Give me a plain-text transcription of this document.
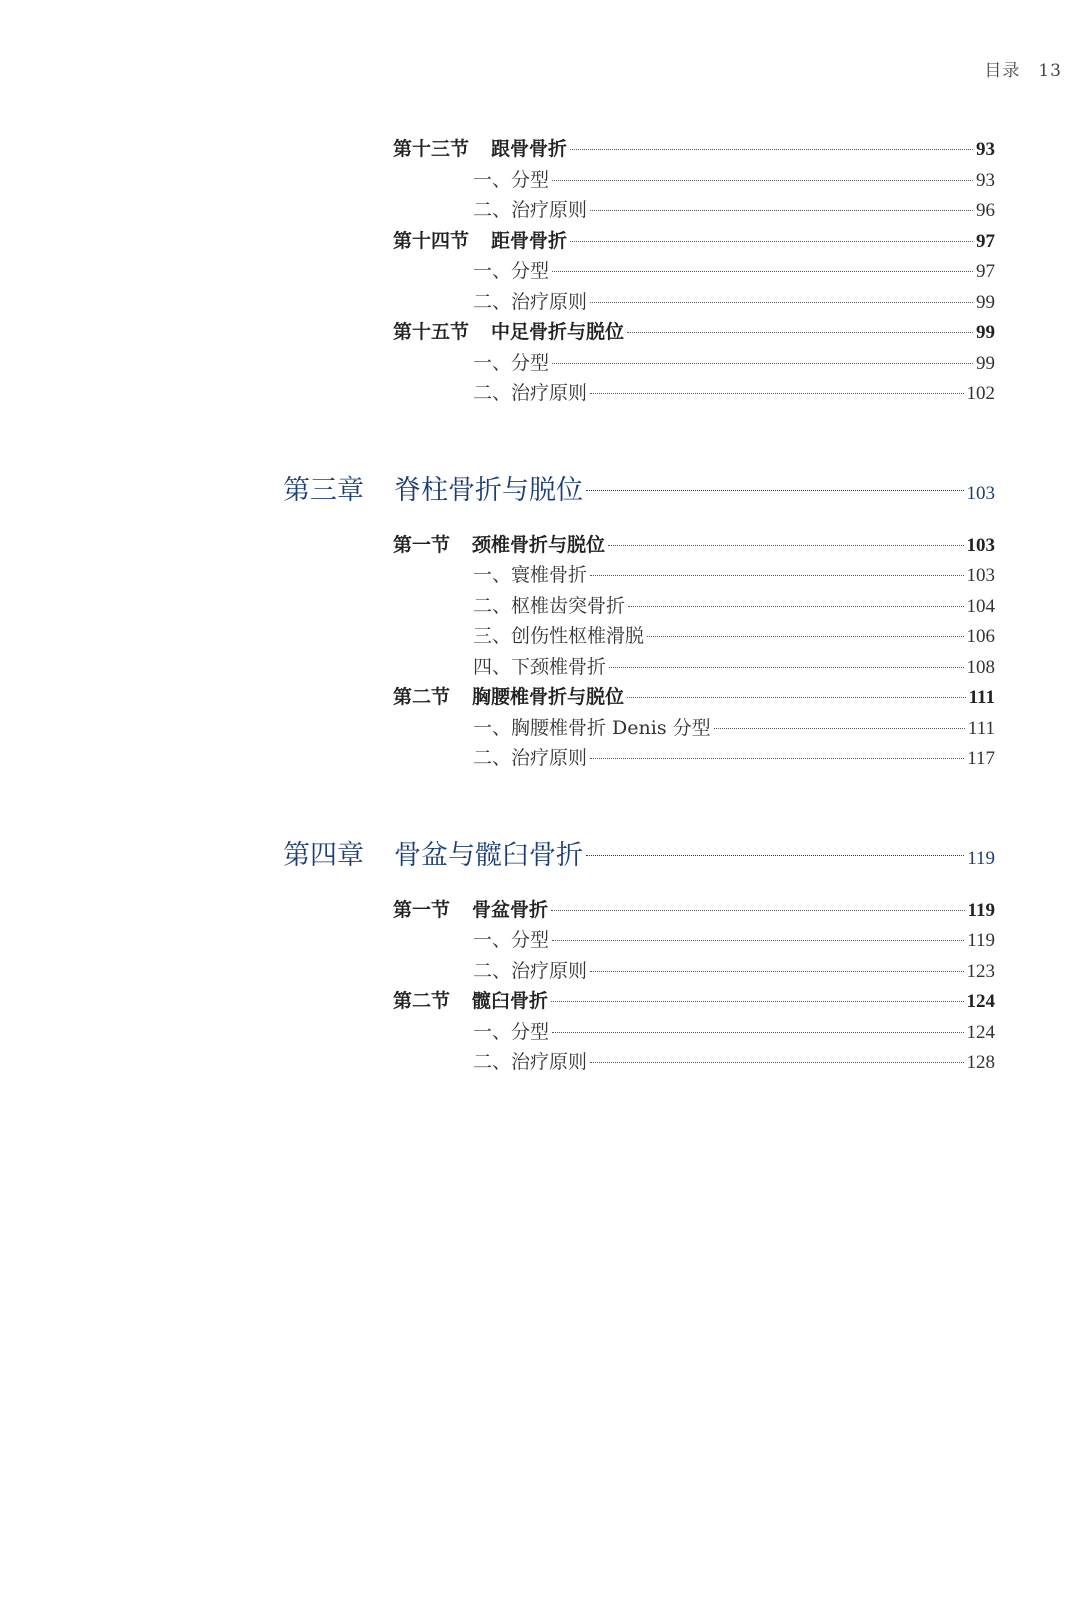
目录 13
第十三节 跟骨骨折	93
一、分型	93
二、治疗原则	96
第十四节 距骨骨折	97
一、分型	97
二、治疗原则	99
第十五节 中足骨折与脱位	99
一、分型	99
二、治疗原则	102
第三章 脊柱骨折与脱位	103
第一节 颈椎骨折与脱位	103
一、寰椎骨折	103
二、枢椎齿突骨折	104
三、创伤性枢椎滑脱	106
四、下颈椎骨折	108
第二节 胸腰椎骨折与脱位	111
一、胸腰椎骨折 Denis 分型	111
二、治疗原则	117
第四章 骨盆与髋臼骨折	119
第一节 骨盆骨折	119
一、分型	119
二、治疗原则	123
第二节 髋臼骨折	124
一、分型	124
二、治疗原则	128
